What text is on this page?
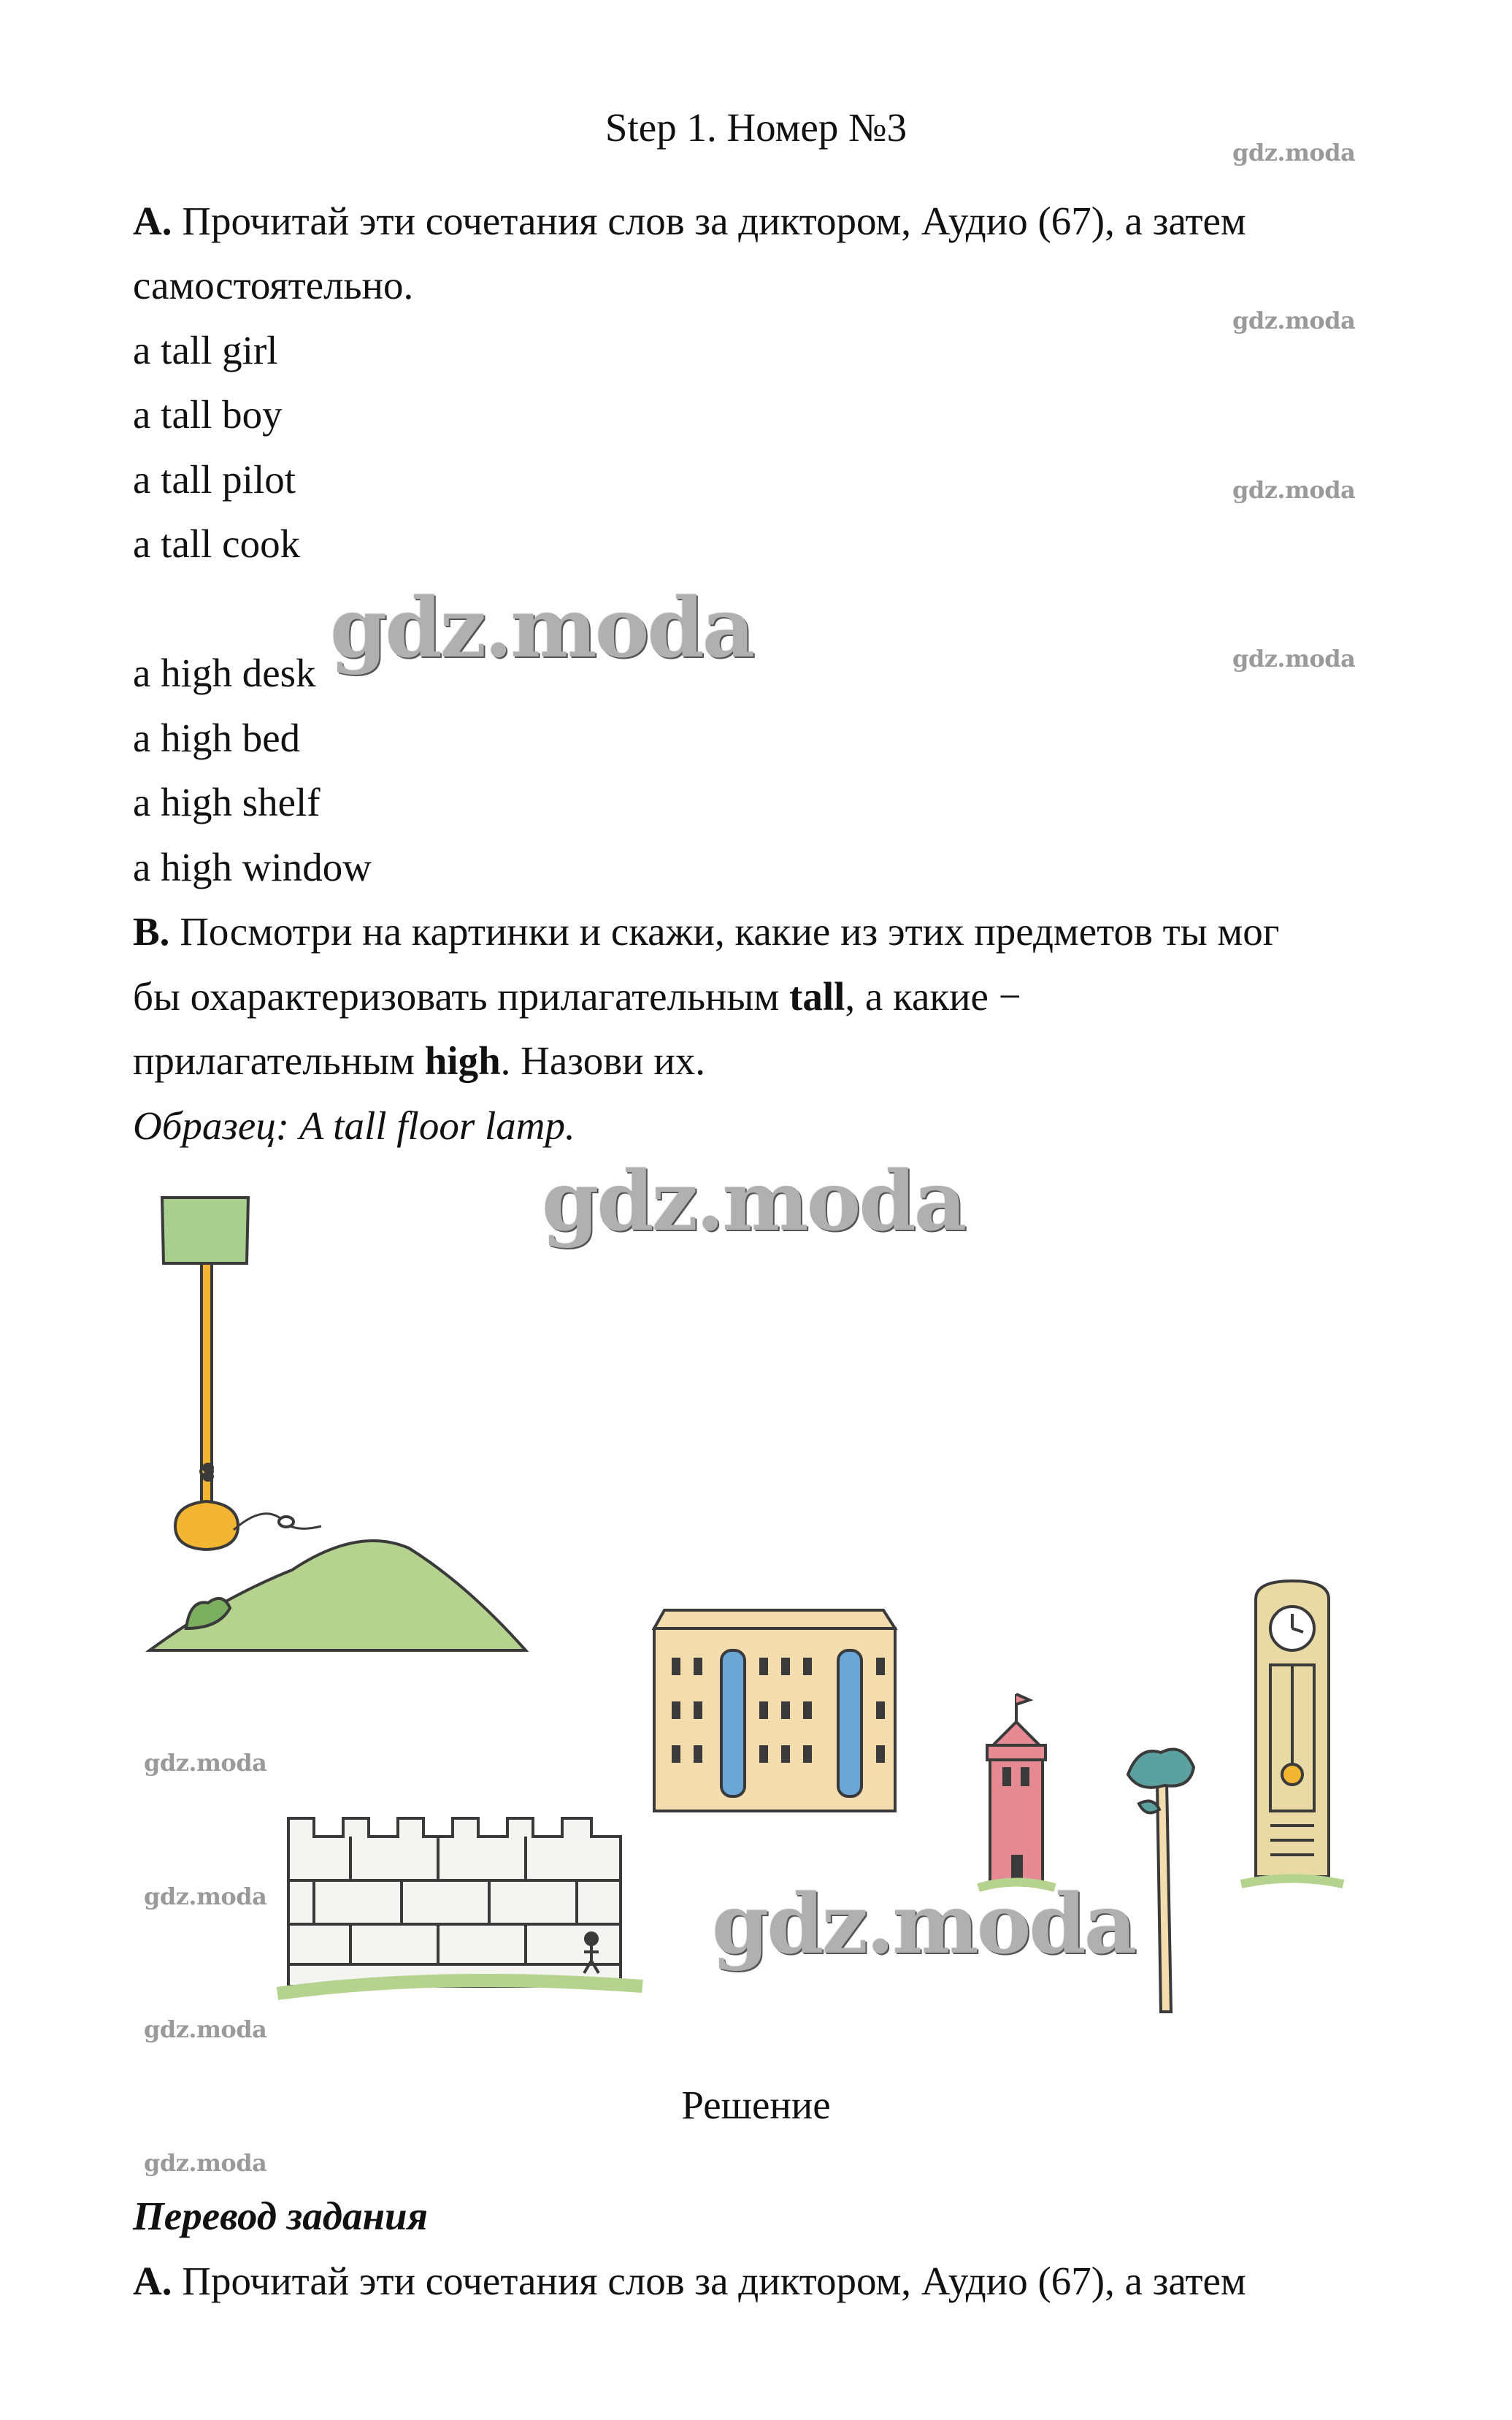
Step 1. Номер №3
A. Прочитай эти сочетания слов за диктором, Аудио (67), а затем
самостоятельно.
a tall girl
a tall boy
a tall pilot
a tall cook
a high desk
a high bed
a high shelf
a high window
B. Посмотри на картинки и скажи, какие из этих предметов ты мог
бы охарактеризовать прилагательным tall, а какие −
прилагательным high. Назови их.
Образец: A tall floor lamp.
Решение
Перевод задания
A. Прочитай эти сочетания слов за диктором, Аудио (67), а затем
gdz.moda
gdz.moda
gdz.moda
gdz.moda
gdz.moda
gdz.moda
gdz.moda
gdz.moda
gdz.moda
gdz.moda
gdz.moda
